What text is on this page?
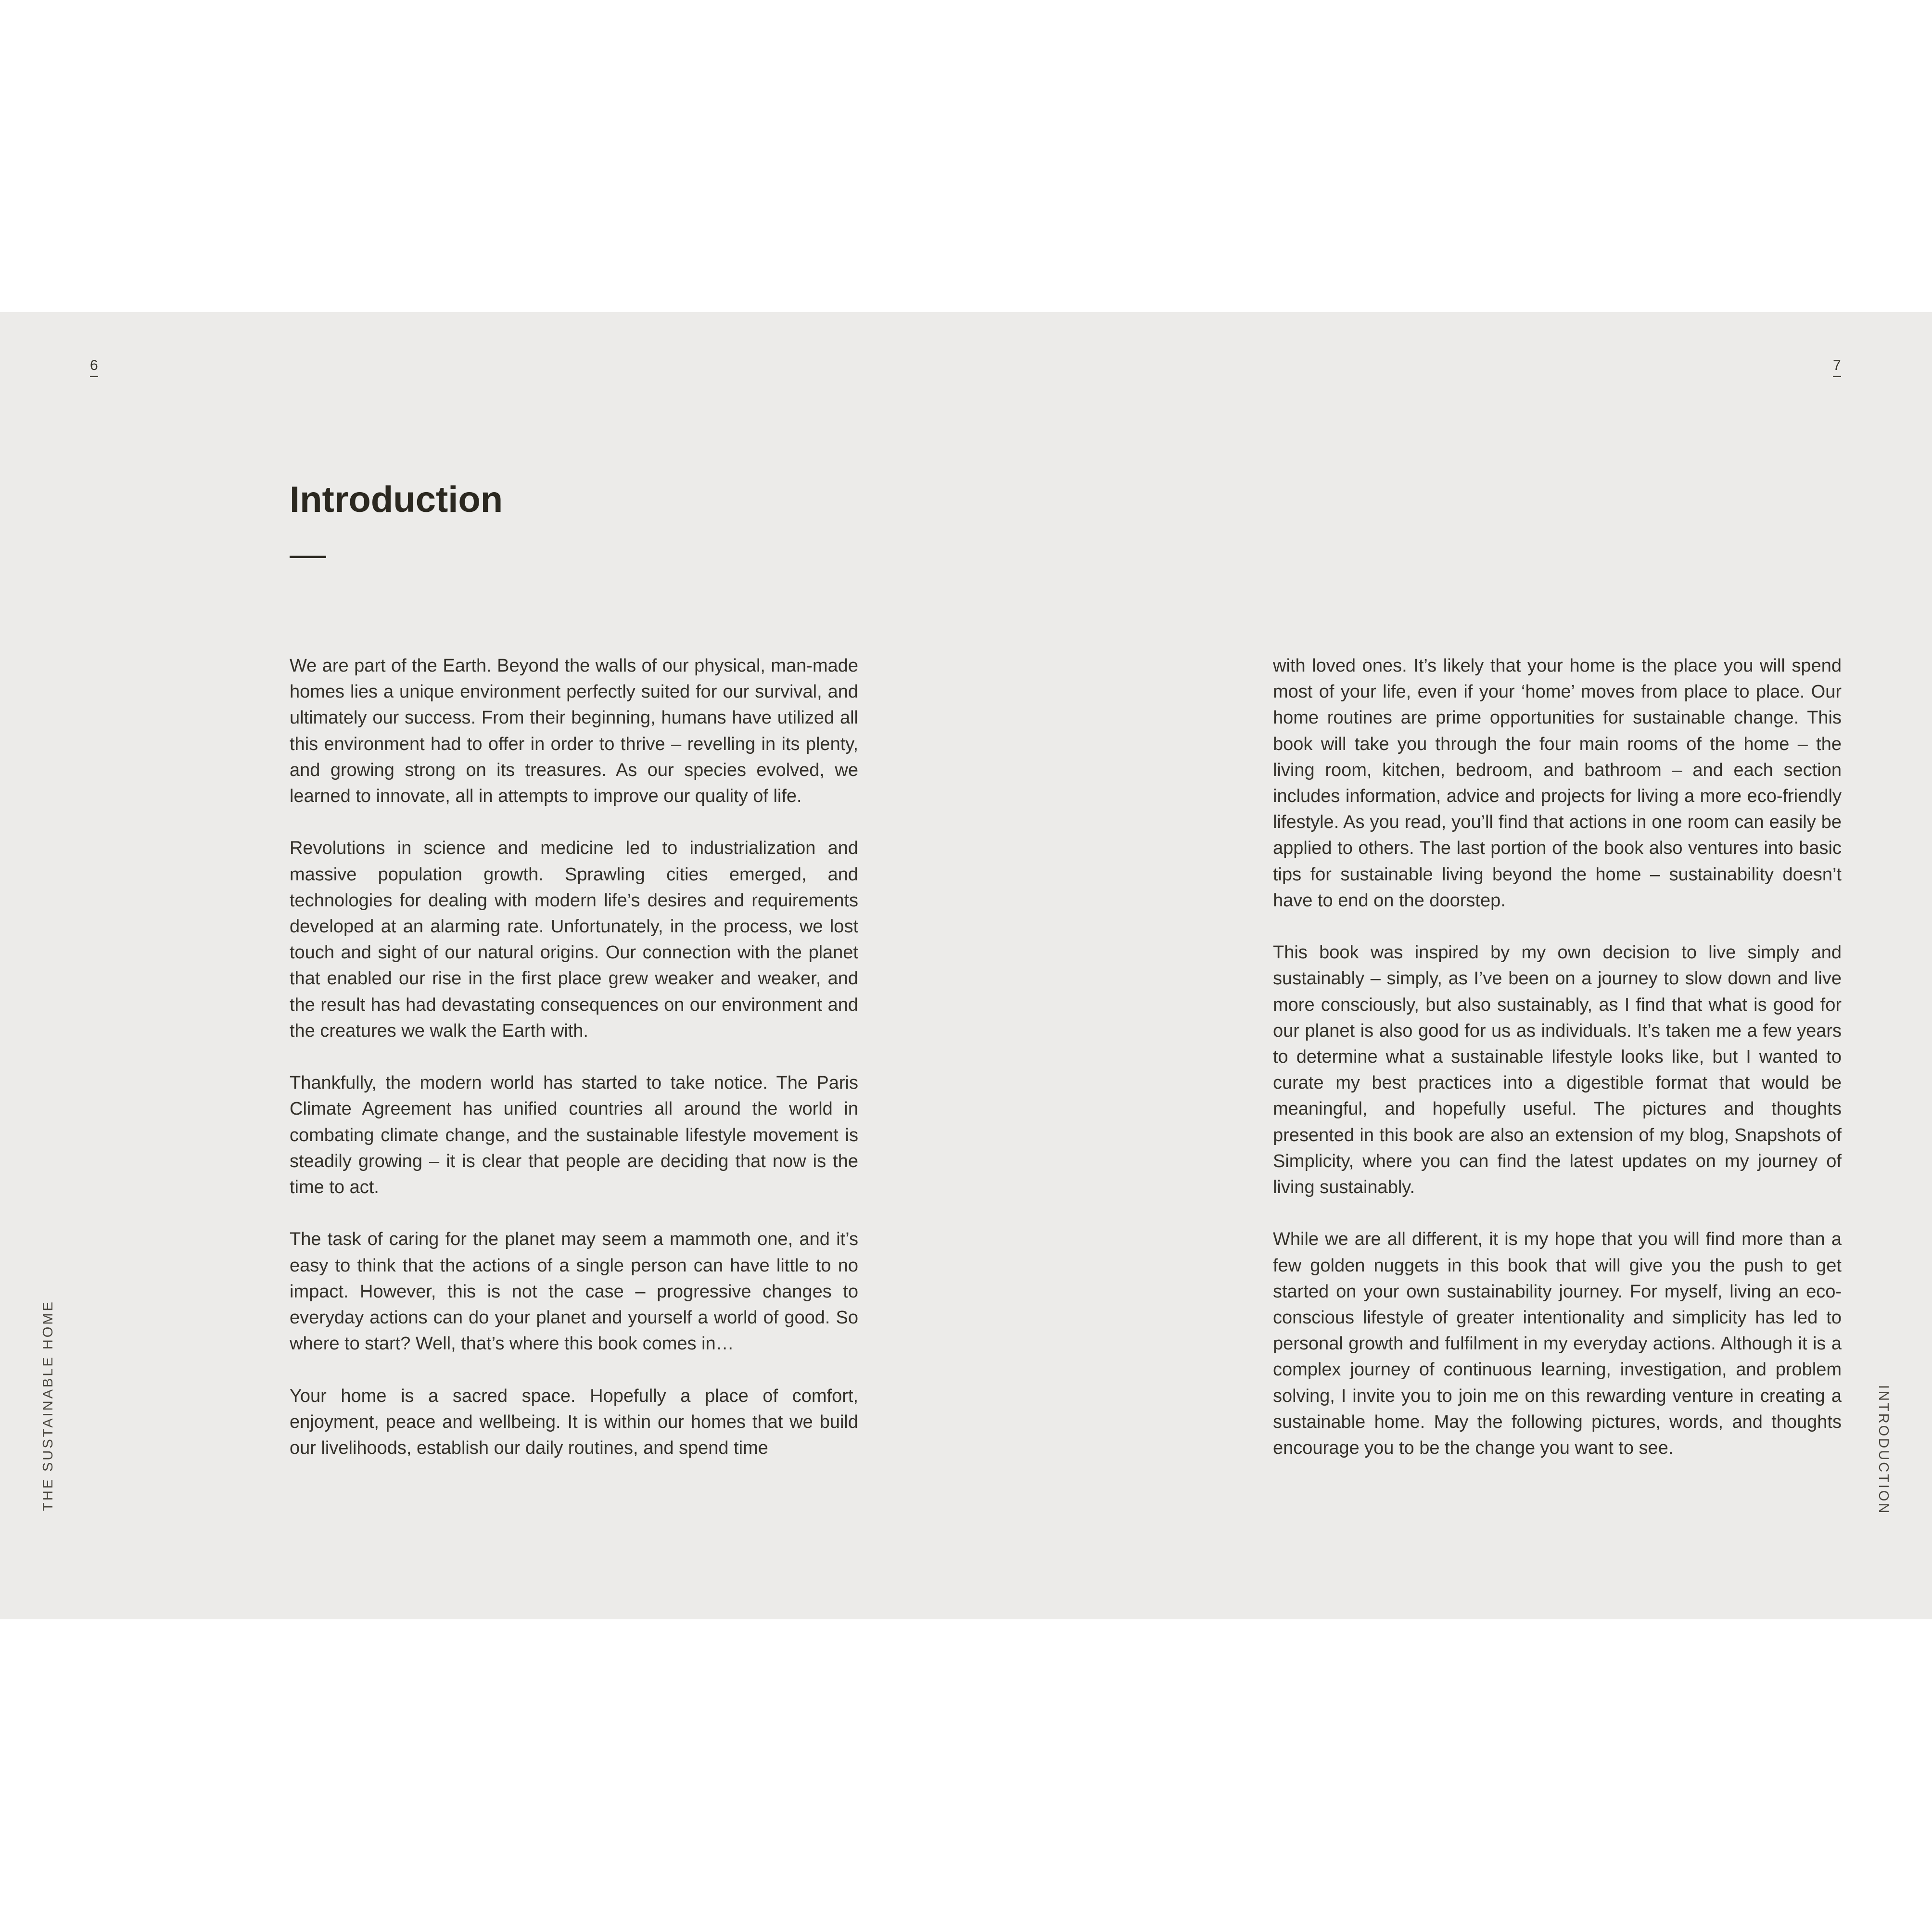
6	7

THE SUSTAINABLE HOME	INTRODUCTION
Introduction

We are part of the Earth. Beyond the walls of our physical, man-made homes lies a unique environment perfectly suited for our survival, and ultimately our success. From their beginning, humans have utilized all this environment had to offer in order to thrive – revelling in its plenty, and growing strong on its treasures. As our species evolved, we learned to innovate, all in attempts to improve our quality of life.

Revolutions in science and medicine led to industrialization and massive population growth. Sprawling cities emerged, and technologies for dealing with modern life’s desires and requirements developed at an alarming rate. Unfortunately, in the process, we lost touch and sight of our natural origins. Our connection with the planet that enabled our rise in the first place grew weaker and weaker, and the result has had devastating consequences on our environment and the creatures we walk the Earth with.

Thankfully, the modern world has started to take notice. The Paris Climate Agreement has unified countries all around the world in combating climate change, and the sustainable lifestyle movement is steadily growing – it is clear that people are deciding that now is the time to act.

The task of caring for the planet may seem a mammoth one, and it’s easy to think that the actions of a single person can have little to no impact. However, this is not the case – progressive changes to everyday actions can do your planet and yourself a world of good. So where to start? Well, that’s where this book comes in…

Your home is a sacred space. Hopefully a place of comfort, enjoyment, peace and wellbeing. It is within our homes that we build our livelihoods, establish our daily routines, and spend time

with loved ones. It’s likely that your home is the place you will spend most of your life, even if your ‘home’ moves from place to place. Our home routines are prime opportunities for sustainable change. This book will take you through the four main rooms of the home – the living room, kitchen, bedroom, and bathroom – and each section includes information, advice and projects for living a more eco-friendly lifestyle. As you read, you’ll find that actions in one room can easily be applied to others. The last portion of the book also ventures into basic tips for sustainable living beyond the home – sustainability doesn’t have to end on the doorstep.

This book was inspired by my own decision to live simply and sustainably – simply, as I’ve been on a journey to slow down and live more consciously, but also sustainably, as I find that what is good for our planet is also good for us as individuals. It’s taken me a few years to determine what a sustainable lifestyle looks like, but I wanted to curate my best practices into a digestible format that would be meaningful, and hopefully useful. The pictures and thoughts presented in this book are also an extension of my blog, Snapshots of Simplicity, where you can find the latest updates on my journey of living sustainably.

While we are all different, it is my hope that you will find more than a few golden nuggets in this book that will give you the push to get started on your own sustainability journey. For myself, living an eco-conscious lifestyle of greater intentionality and simplicity has led to personal growth and fulfilment in my everyday actions. Although it is a complex journey of continuous learning, investigation, and problem solving, I invite you to join me on this rewarding venture in creating a sustainable home. May the following pictures, words, and thoughts encourage you to be the change you want to see.
